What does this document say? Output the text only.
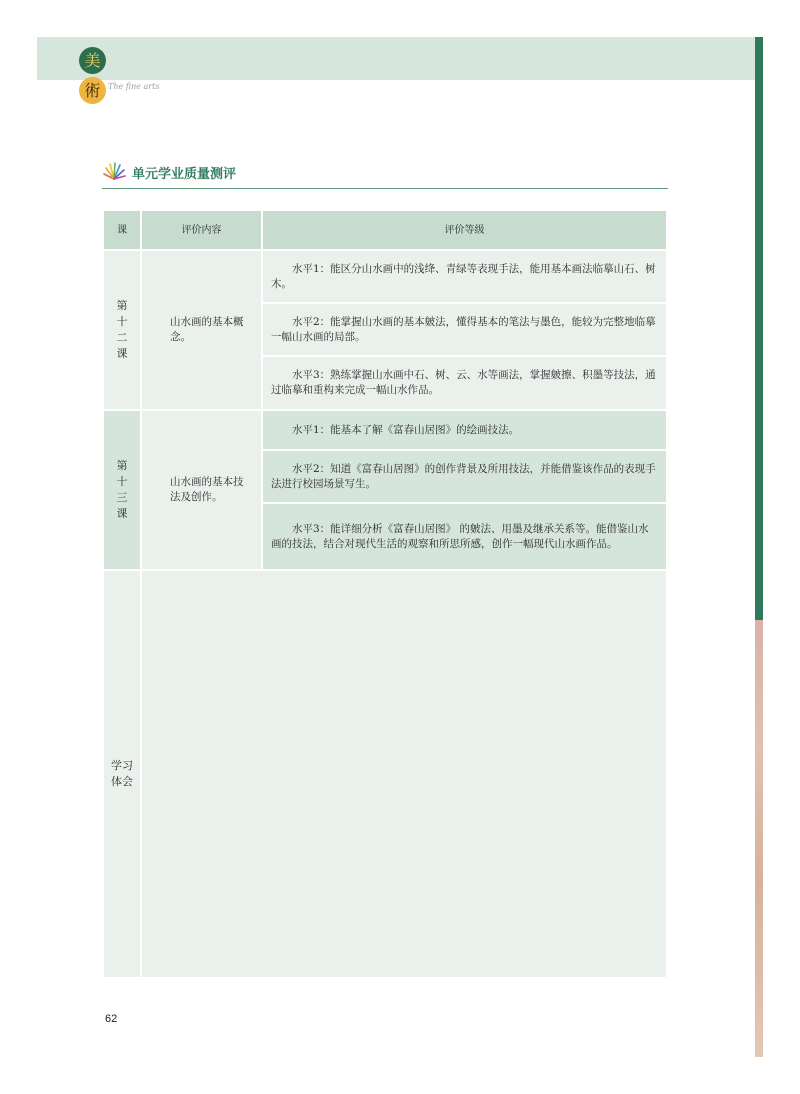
美
術 The fine arts
单元学业质量测评
课	评价内容	评价等级
第十二课
山水画的基本概念。

水平1：能区分山水画中的浅绛、青绿等表现手法，能用基本画法临摹山石、树木。

水平2：能掌握山水画的基本皴法，懂得基本的笔法与墨色，能较为完整地临摹一幅山水画的局部。

水平3：熟练掌握山水画中石、树、云、水等画法，掌握皴擦、积墨等技法，通过临摹和重构来完成一幅山水作品。

第十三课
山水画的基本技法及创作。

水平1：能基本了解《富春山居图》的绘画技法。

水平2：知道《富春山居图》的创作背景及所用技法，并能借鉴该作品的表现手法进行校园场景写生。

水平3：能详细分析《富春山居图》 的皴法、用墨及继承关系等。能借鉴山水画的技法，结合对现代生活的观察和所思所感，创作一幅现代山水画作品。

学习体会
62
